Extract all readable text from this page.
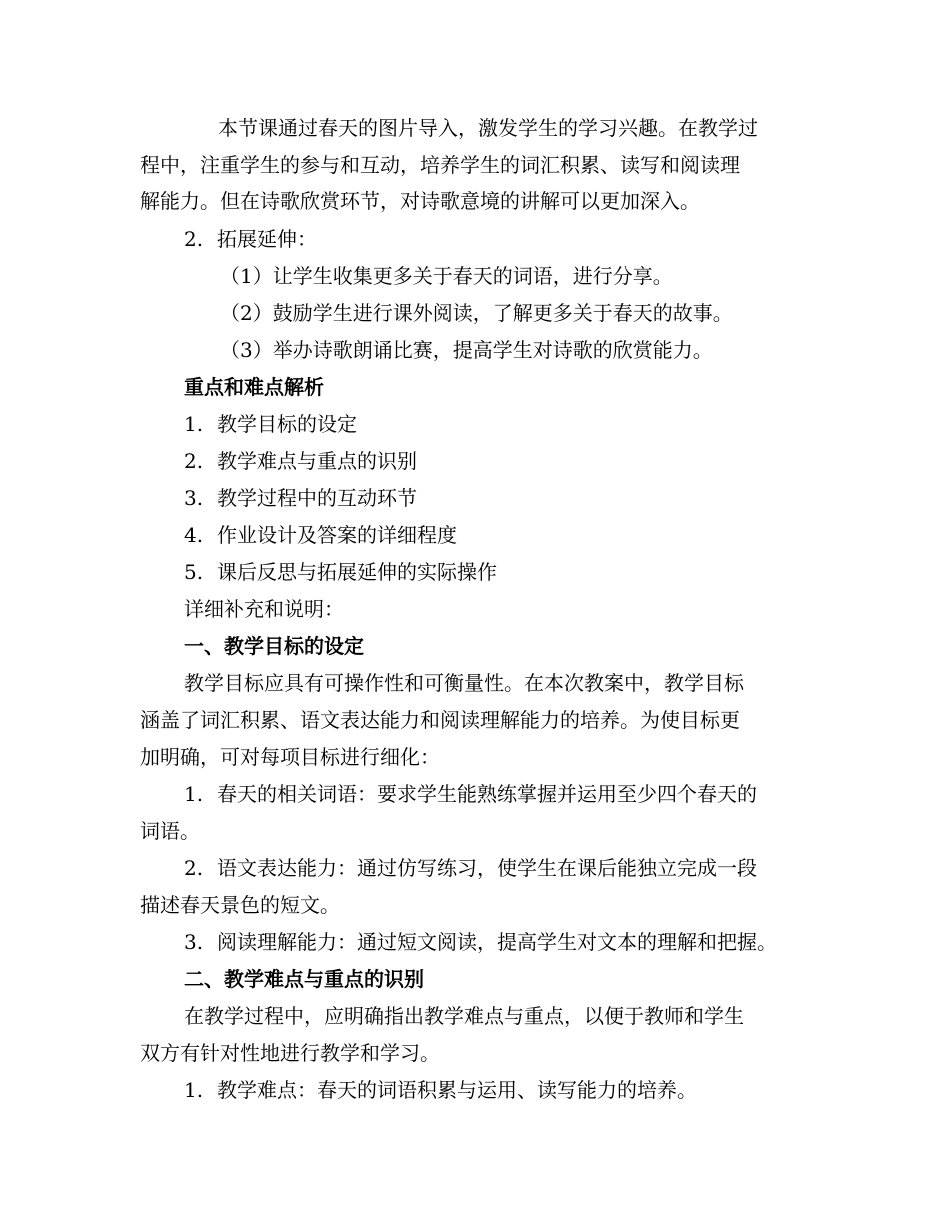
本节课通过春天的图片导入，激发学生的学习兴趣。在教学过
程中，注重学生的参与和互动，培养学生的词汇积累、读写和阅读理
解能力。但在诗歌欣赏环节，对诗歌意境的讲解可以更加深入。
2. 拓展延伸：
（1）让学生收集更多关于春天的词语，进行分享。
（2）鼓励学生进行课外阅读，了解更多关于春天的故事。
（3）举办诗歌朗诵比赛，提高学生对诗歌的欣赏能力。
重点和难点解析
1. 教学目标的设定
2. 教学难点与重点的识别
3. 教学过程中的互动环节
4. 作业设计及答案的详细程度
5. 课后反思与拓展延伸的实际操作
详细补充和说明：
一、教学目标的设定
教学目标应具有可操作性和可衡量性。在本次教案中，教学目标
涵盖了词汇积累、语文表达能力和阅读理解能力的培养。为使目标更
加明确，可对每项目标进行细化：
1. 春天的相关词语：要求学生能熟练掌握并运用至少四个春天的
词语。
2. 语文表达能力：通过仿写练习，使学生在课后能独立完成一段
描述春天景色的短文。
3. 阅读理解能力：通过短文阅读，提高学生对文本的理解和把握。
二、教学难点与重点的识别
在教学过程中，应明确指出教学难点与重点，以便于教师和学生
双方有针对性地进行教学和学习。
1. 教学难点：春天的词语积累与运用、读写能力的培养。
